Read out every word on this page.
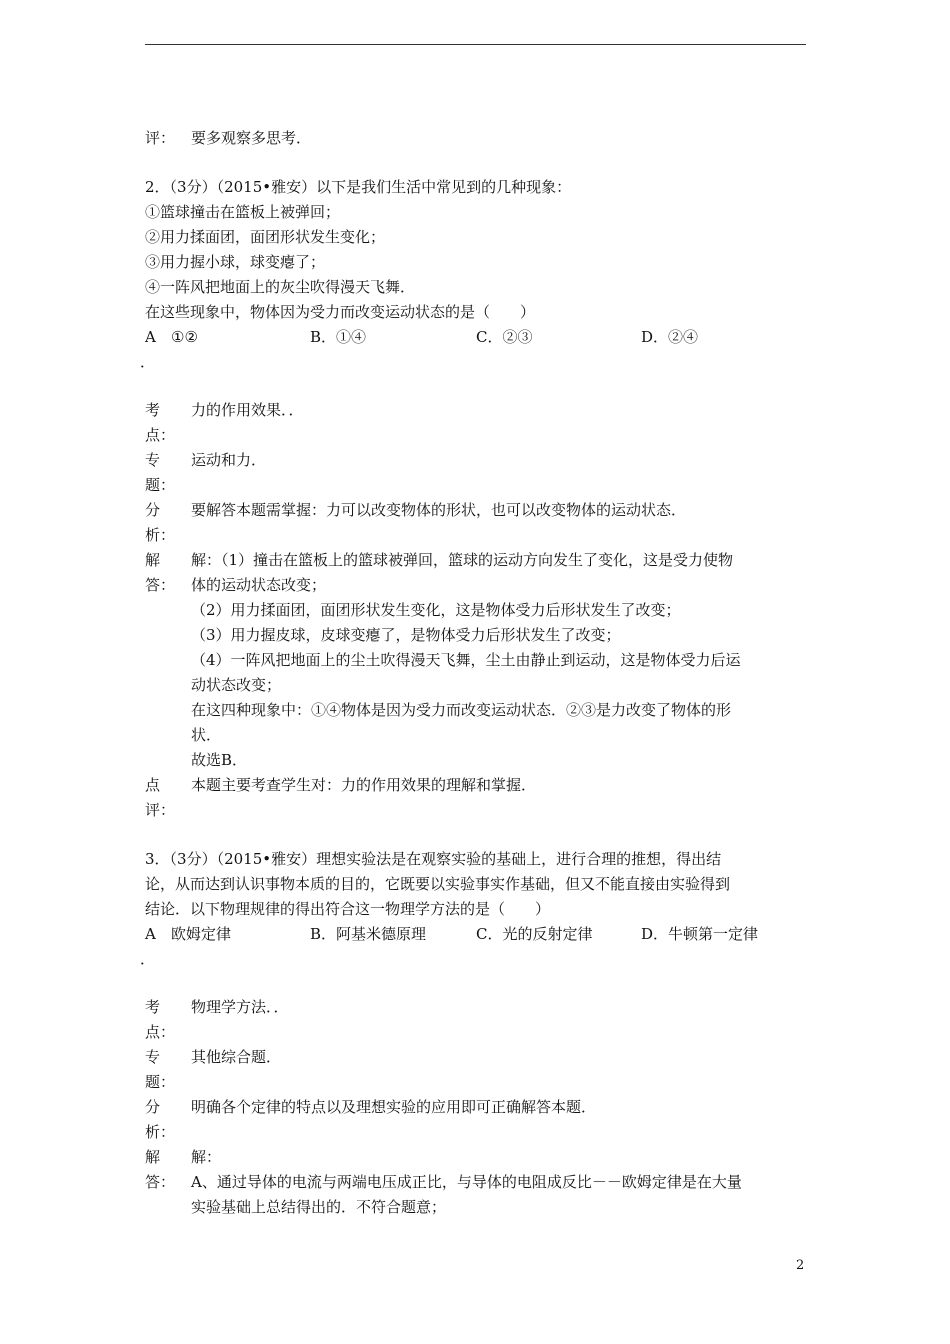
评： 要多观察多思考．
2．（3分）（2015•雅安）以下是我们生活中常见到的几种现象：
①篮球撞击在篮板上被弹回；
②用力揉面团，面团形状发生变化；
③用力握小球，球变瘪了；
④一阵风把地面上的灰尘吹得漫天飞舞．
在这些现象中，物体因为受力而改变运动状态的是（　　）
A ①②	B．①④	C．②③	D．②④
．
考 力的作用效果．．
点：
专 运动和力．
题：
分 要解答本题需掌握：力可以改变物体的形状，也可以改变物体的运动状态．
析：
解
答：
解：（1）撞击在篮板上的篮球被弹回，篮球的运动方向发生了变化，这是受力使物
体的运动状态改变；
（2）用力揉面团，面团形状发生变化，这是物体受力后形状发生了改变；
（3）用力握皮球，皮球变瘪了，是物体受力后形状发生了改变；
（4）一阵风把地面上的尘土吹得漫天飞舞，尘土由静止到运动，这是物体受力后运
动状态改变；
在这四种现象中：①④物体是因为受力而改变运动状态．②③是力改变了物体的形
状．
故选B．
点 本题主要考查学生对：力的作用效果的理解和掌握．
评：
3．（3分）（2015•雅安）理想实验法是在观察实验的基础上，进行合理的推想，得出结
论，从而达到认识事物本质的目的，它既要以实验事实作基础，但又不能直接由实验得到
结论．以下物理规律的得出符合这一物理学方法的是（　　）
A 欧姆定律	B．阿基米德原理	C．光的反射定律	D．牛顿第一定律
．
考 物理学方法．．
点：
专 其他综合题．
题：
分 明确各个定律的特点以及理想实验的应用即可正确解答本题．
析：
解
答：
解：
A、通过导体的电流与两端电压成正比，与导体的电阻成反比－－欧姆定律是在大量
实验基础上总结得出的．不符合题意；
2
